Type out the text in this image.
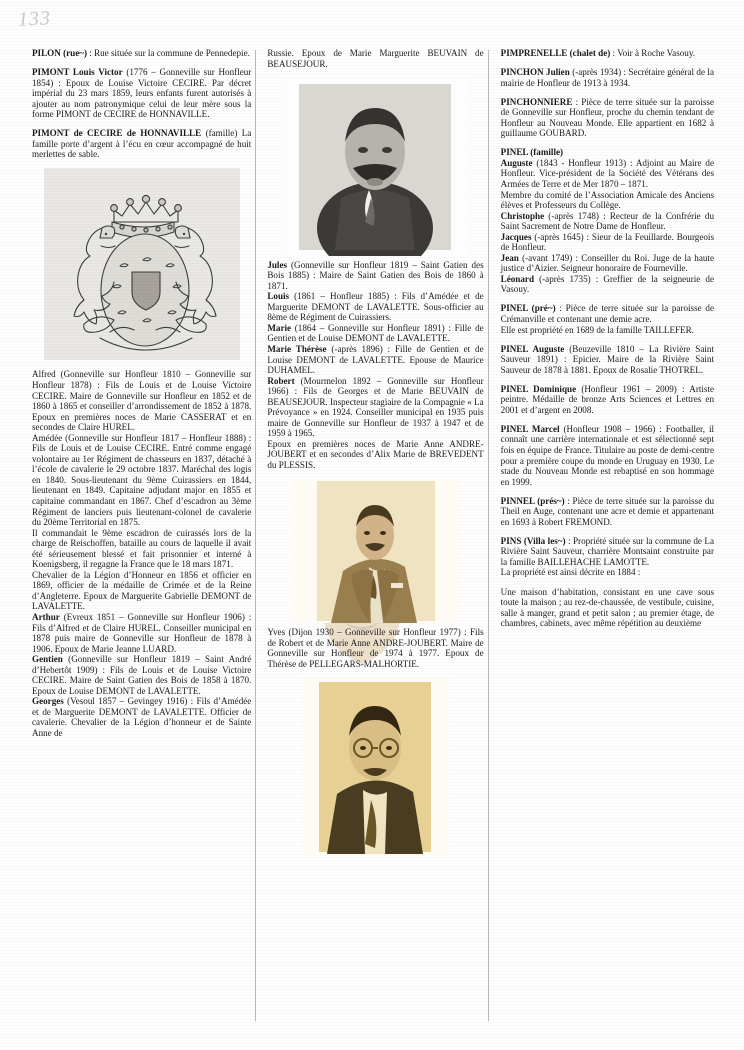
133

PILON (rue~) : Rue située sur la commune de Pennedepie.

PIMONT Louis Victor (1776 – Gonneville sur Honfleur 1854) : Epoux de Louise Victoire CECIRE. Par décret impérial du 23 mars 1859, leurs enfants furent autorisés à ajouter au nom patronymique celui de leur mère sous la forme PIMONT de CECIRE de HONNAVILLE.

PIMONT de CECIRE de HONNAVILLE (famille) La famille porte d’argent à l’écu en cœur accompagné de huit merlettes de sable.

Alfred (Gonneville sur Honfleur 1810 – Gonneville sur Honfleur 1878) : Fils de Louis et de Louise Victoire CECIRE. Maire de Gonneville sur Honfleur en 1852 et de 1860 à 1865 et conseiller d’arrondissement de 1852 à 1878. Epoux en premières noces de Marie CASSERAT et en secondes de Claire HUREL.

Amédée (Gonneville sur Honfleur 1817 – Honfleur 1888) : Fils de Louis et de Louise CECIRE. Entré comme engagé volontaire au 1er Régiment de chasseurs en 1837, détaché à l’école de cavalerie le 29 octobre 1837. Maréchal des logis en 1840. Sous-lieutenant du 9ème Cuirassiers en 1844, lieutenant en 1849. Capitaine adjudant major en 1855 et capitaine commandant en 1867. Chef d’escadron au 3ème Régiment de lanciers puis lieutenant-colonel de cavalerie du 20ème Territorial en 1875.

Il commandait le 9ème escadron de cuirassés lors de la charge de Reischoffen, bataille au cours de laquelle il avait été sérieusement blessé et fait prisonnier et interné à Koenigsberg, il regagne la France que le 18 mars 1871.

Chevalier de la Légion d’Honneur en 1856 et officier en 1869, officier de la médaille de Crimée et de la Reine d’Angleterre. Epoux de Marguerite Gabrielle DEMONT de LAVALETTE.

Arthur (Evreux 1851 – Gonneville sur Honfleur 1906) : Fils d’Alfred et de Claire HUREL. Conseiller municipal en 1878 puis maire de Gonneville sur Honfleur de 1878 à 1906. Epoux de Marie Jeanne LUARD.

Gentien (Gonneville sur Honfleur 1819 – Saint André d’Hebertôt 1909) : Fils de Louis et de Louise Victoire CECIRE. Maire de Saint Gatien des Bois de 1858 à 1870. Epoux de Louise DEMONT de LAVALETTE.

Georges (Vesoul 1857 – Gevingey 1916) : Fils d’Amédée et de Marguerite DEMONT de LAVALETTE. Officier de cavalerie. Chevalier de la Légion d’honneur et de Sainte Anne de

Russie. Epoux de Marie Marguerite BEUVAIN de BEAUSEJOUR.

Jules (Gonneville sur Honfleur 1819 – Saint Gatien des Bois 1885) : Maire de Saint Gatien des Bois de 1860 à 1871.

Louis (1861 – Honfleur 1885) : Fils d’Amédée et de Marguerite DEMONT de LAVALETTE. Sous-officier au 8ème de Régiment de Cuirassiers.

Marie (1864 – Gonneville sur Honfleur 1891) : Fille de Gentien et de Louise DEMONT de LAVALETTE.

Marie Thérèse (-après 1896) : Fille de Gentien et de Louise DEMONT de LAVALETTE. Epouse de Maurice DUHAMEL.

Robert (Mourmelon 1892 – Gonneville sur Honfleur 1966) : Fils de Georges et de Marie BEUVAIN de BEAUSEJOUR. Inspecteur stagiaire de la Compagnie « La Prévoyance » en 1924. Conseiller municipal en 1935 puis maire de Gonneville sur Honfleur de 1937 à 1947 et de 1959 à 1965.

Epoux en premières noces de Marie Anne ANDRE-JOUBERT et en secondes d’Alix Marie de BREVEDENT du PLESSIS.

Yves (Dijon 1930 – Gonneville sur Honfleur 1977) : Fils de Robert et de Marie Anne ANDRE-JOUBERT. Maire de Gonneville sur Honfleur de 1974 à 1977. Epoux de Thérèse de PELLEGARS-MALHORTIE.

PIMPRENELLE (chalet de) : Voir à Roche Vasouy.

PINCHON Julien (-après 1934) : Secrétaire général de la mairie de Honfleur de 1913 à 1934.

PINCHONNIERE : Pièce de terre située sur la paroisse de Gonneville sur Honfleur, proche du chemin tendant de Honfleur au Nouveau Monde. Elle appartient en 1682 à guillaume GOUBARD.

PINEL (famille)

Auguste (1843 - Honfleur 1913) : Adjoint au Maire de Honfleur. Vice-président de la Société des Vétérans des Armées de Terre et de Mer 1870 – 1871.

Membre du comité de l’Association Amicale des Anciens élèves et Professeurs du Collège.

Christophe (-après 1748) : Recteur de la Confrérie du Saint Sacrement de Notre Dame de Honfleur.

Jacques (-après 1645) : Sieur de la Feuillarde. Bourgeois de Honfleur.

Jean (-avant 1749) : Conseiller du Roi. Juge de la haute justice d’Aizier. Seigneur honoraire de Fourneville.

Léonard (-après 1735) : Greffier de la seigneurie de Vasouy.

PINEL (pré~) : Pièce de terre située sur la paroisse de Crémanville et contenant une demie acre.

Elle est propriété en 1689 de la famille TAILLEFER.

PINEL Auguste (Beuzeville 1810 – La Rivière Saint Sauveur 1891) : Epicier. Maire de la Rivière Saint Sauveur de 1878 à 1881. Epoux de Rosalie THOTREL.

PINEL Dominique (Honfleur 1961 – 2009) : Artiste peintre. Médaille de bronze Arts Sciences et Lettres en 2001 et d’argent en 2008.

PINEL Marcel (Honfleur 1908 – 1966) : Footballer, il connaît une carrière internationale et est sélectionné sept fois en équipe de France. Titulaire au poste de demi-centre pour a première coupe du monde en Uruguay en 1930. Le stade du Nouveau Monde est rebaptisé en son hommage en 1999.

PINNEL (prés~) : Pièce de terre située sur la paroisse du Theil en Auge, contenant une acre et demie et appartenant en 1693 à Robert FREMOND.

PINS (Villa les~) : Propriété située sur la commune de La Rivière Saint Sauveur, charrière Montsaint construite par la famille BAILLEHACHE LAMOTTE.

La propriété est ainsi décrite en 1884 :

Une maison d’habitation, consistant en une cave sous toute la maison ; au rez-de-chaussée, de vestibule, cuisine, salle à manger, grand et petit salon ; au premier étage, de chambres, cabinets, avec même répétition au deuxième
